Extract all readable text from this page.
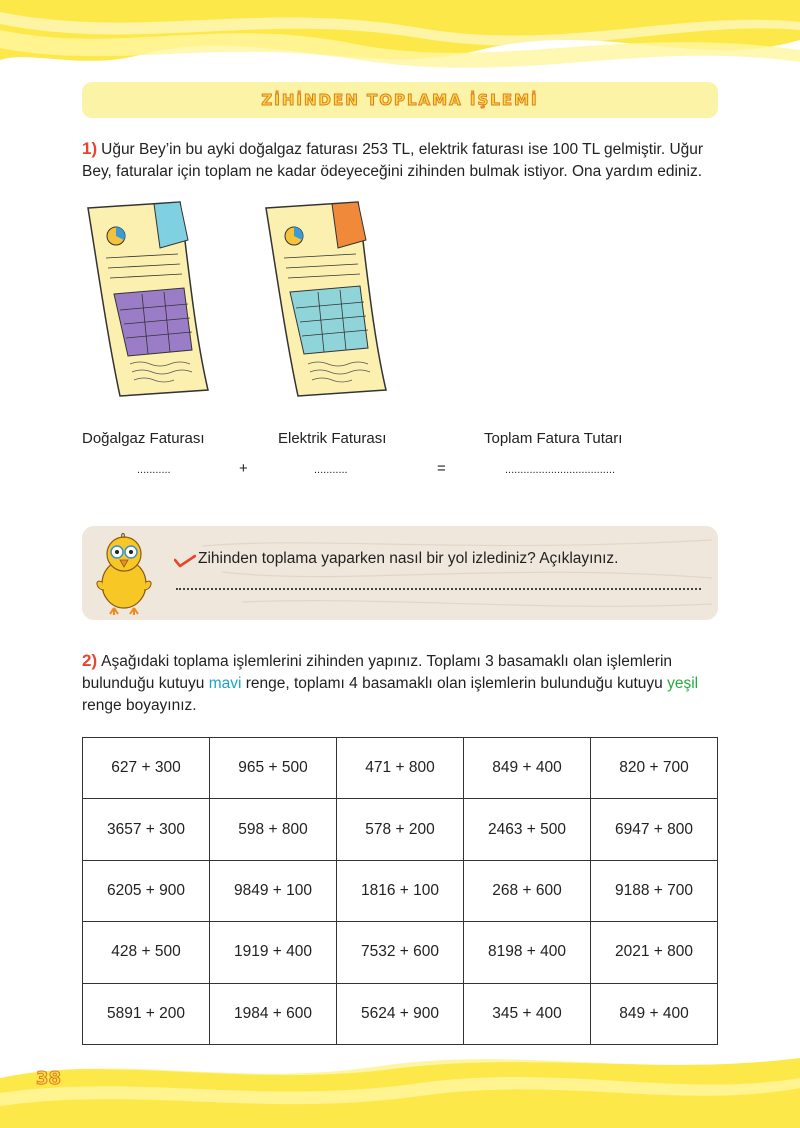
ZİHİNDEN TOPLAMA İŞLEMİ
1) Uğur Bey’in bu ayki doğalgaz faturası 253 TL, elektrik faturası ise 100 TL gelmiştir. Uğur Bey, faturalar için toplam ne kadar ödeyeceğini zihinden bulmak istiyor. Ona yardım ediniz.
Doğalgaz Faturası	Elektrik Faturası	Toplam Fatura Tutarı
...........	+	...........	=	....................................
Zihinden toplama yaparken nasıl bir yol izlediniz? Açıklayınız.
2) Aşağıdaki toplama işlemlerini zihinden yapınız. Toplamı 3 basamaklı olan işlemlerin bulunduğu kutuyu mavi renge, toplamı 4 basamaklı olan işlemlerin bulunduğu kutuyu yeşil renge boyayınız.
627 + 300	965 + 500	471 + 800	849 + 400	820 + 700
3657 + 300	598 + 800	578 + 200	2463 + 500	6947 + 800
6205 + 900	9849 + 100	1816 + 100	268 + 600	9188 + 700
428 + 500	1919 + 400	7532 + 600	8198 + 400	2021 + 800
5891 + 200	1984 + 600	5624 + 900	345 + 400	849 + 400
38
